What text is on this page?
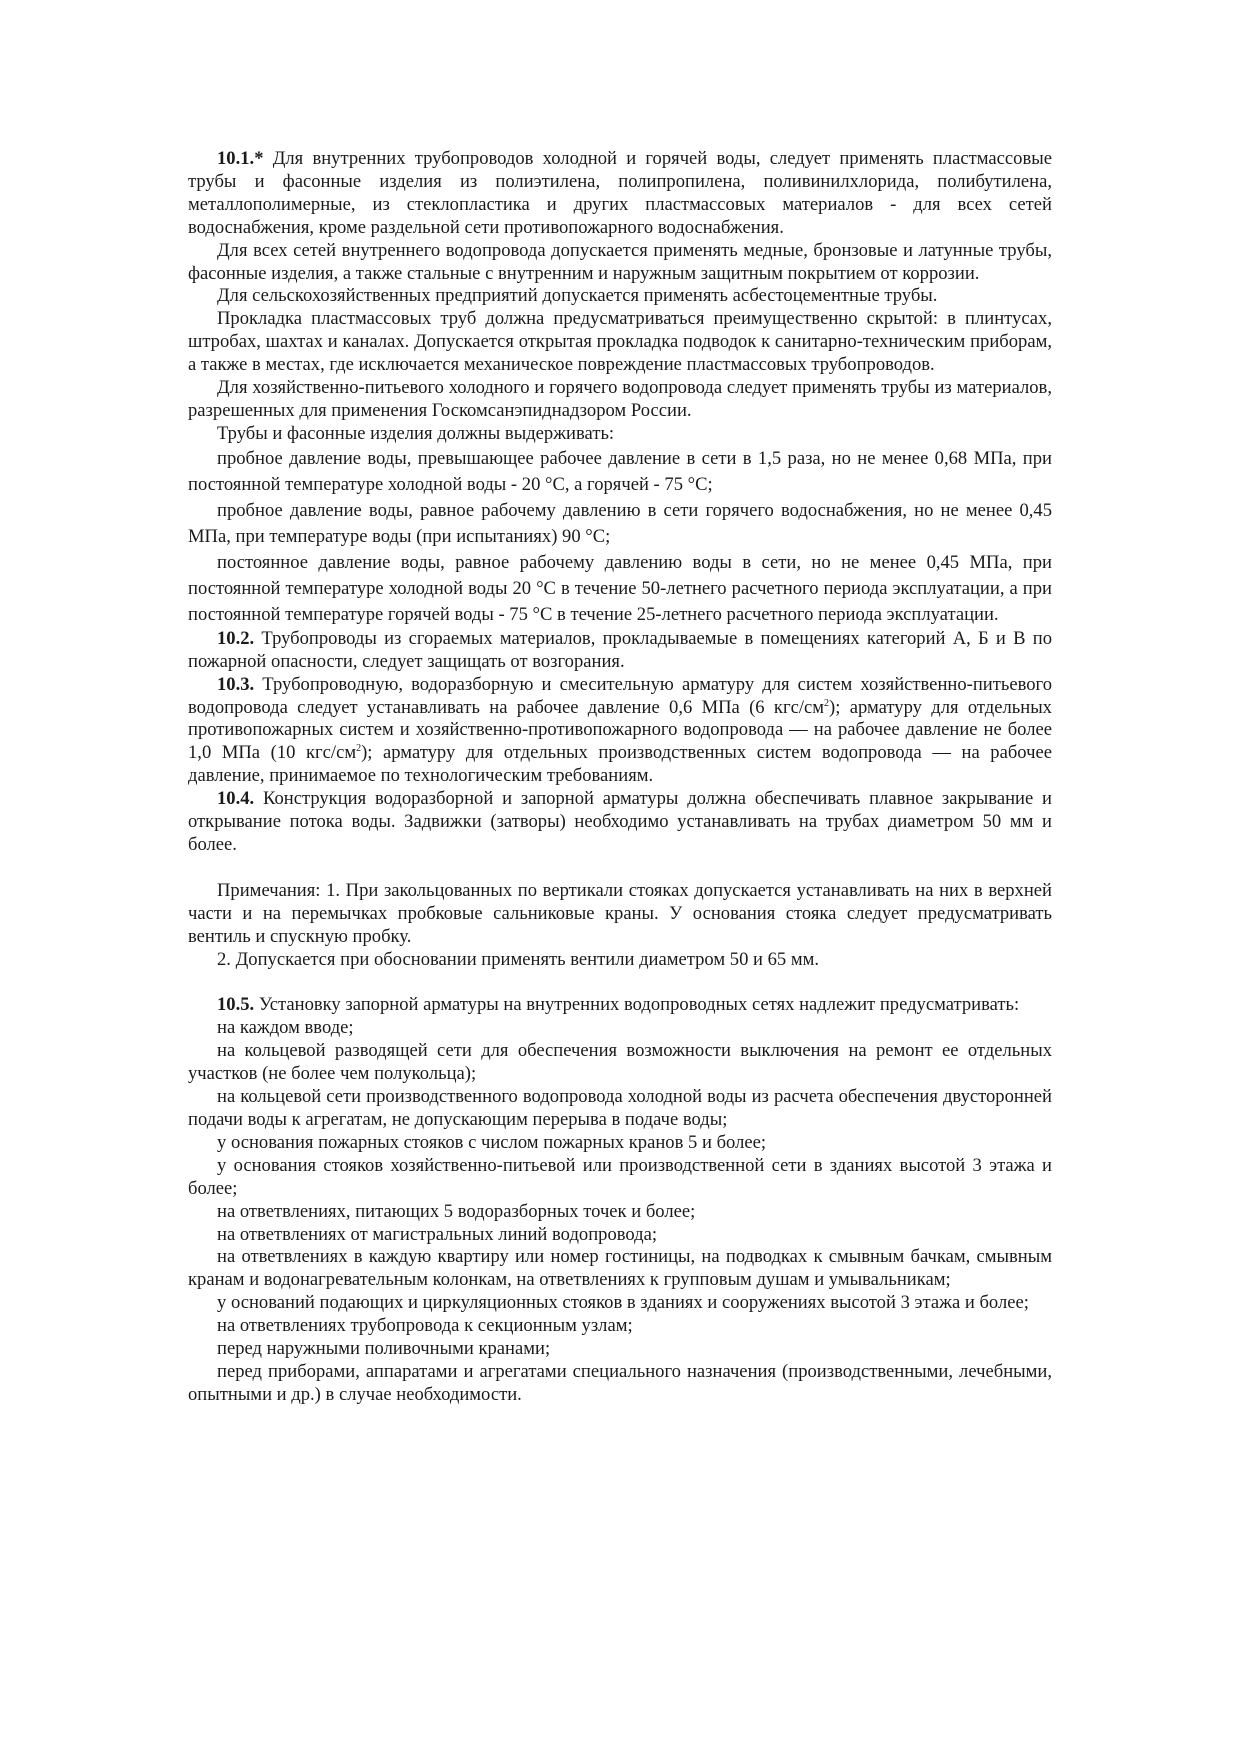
10.1.* Для внутренних трубопроводов холодной и горячей воды, следует применять пластмассовые трубы и фасонные изделия из полиэтилена, полипропилена, поливинилхлорида, полибутилена, металлополимерные, из стеклопластика и других пластмассовых материалов - для всех сетей водоснабжения, кроме раздельной сети противопожарного водоснабжения.

Для всех сетей внутреннего водопровода допускается применять медные, бронзовые и латунные трубы, фасонные изделия, а также стальные с внутренним и наружным защитным покрытием от коррозии.

Для сельскохозяйственных предприятий допускается применять асбестоцементные трубы.

Прокладка пластмассовых труб должна предусматриваться преимущественно скрытой: в плинтусах, штробах, шахтах и каналах. Допускается открытая прокладка подводок к санитарно-техническим приборам, а также в местах, где исключается механическое повреждение пластмассовых трубопроводов.

Для хозяйственно-питьевого холодного и горячего водопровода следует применять трубы из материалов, разрешенных для применения Госкомсанэпиднадзором России.

Трубы и фасонные изделия должны выдерживать:

пробное давление воды, превышающее рабочее давление в сети в 1,5 раза, но не менее 0,68 МПа, при постоянной температуре холодной воды - 20 °С, а горячей - 75 °С;

пробное давление воды, равное рабочему давлению в сети горячего водоснабжения, но не менее 0,45 МПа, при температуре воды (при испытаниях) 90 °С;

постоянное давление воды, равное рабочему давлению воды в сети, но не менее 0,45 МПа, при постоянной температуре холодной воды 20 °С в течение 50-летнего расчетного периода эксплуатации, а при постоянной температуре горячей воды - 75 °С в течение 25-летнего расчетного периода эксплуатации.

10.2. Трубопроводы из сгораемых материалов, прокладываемые в помещениях категорий А, Б и В по пожарной опасности, следует защищать от возгорания.

10.3. Трубопроводную, водоразборную и смесительную арматуру для систем хозяйственно-питьевого водопровода следует устанавливать на рабочее давление 0,6 МПа (6 кгс/$см^2$); арматуру для отдельных противопожарных систем и хозяйственно-противопожарного водопровода — на рабочее давление не более 1,0 МПа (10 кгс/$см^2$); арматуру для отдельных производственных систем водопровода — на рабочее давление, принимаемое по технологическим требованиям.

10.4. Конструкция водоразборной и запорной арматуры должна обеспечивать плавное закрывание и открывание потока воды. Задвижки (затворы) необходимо устанавливать на трубах диаметром 50 мм и более.

Примечания: 1. При закольцованных по вертикали стояках допускается устанавливать на них в верхней части и на перемычках пробковые сальниковые краны. У основания стояка следует предусматривать вентиль и спускную пробку.

2. Допускается при обосновании применять вентили диаметром 50 и 65 мм.

10.5. Установку запорной арматуры на внутренних водопроводных сетях надлежит предусматривать:

на каждом вводе;

на кольцевой разводящей сети для обеспечения возможности выключения на ремонт ее отдельных участков (не более чем полукольца);

на кольцевой сети производственного водопровода холодной воды из расчета обеспечения двусторонней подачи воды к агрегатам, не допускающим перерыва в подаче воды;

у основания пожарных стояков с числом пожарных кранов 5 и более;

у основания стояков хозяйственно-питьевой или производственной сети в зданиях высотой 3 этажа и более;

на ответвлениях, питающих 5 водоразборных точек и более;

на ответвлениях от магистральных линий водопровода;

на ответвлениях в каждую квартиру или номер гостиницы, на подводках к смывным бачкам, смывным кранам и водонагревательным колонкам, на ответвлениях к групповым душам и умывальникам;

у оснований подающих и циркуляционных стояков в зданиях и сооружениях высотой 3 этажа и более;

на ответвлениях трубопровода к секционным узлам;

перед наружными поливочными кранами;

перед приборами, аппаратами и агрегатами специального назначения (производственными, лечебными, опытными и др.) в случае необходимости.
